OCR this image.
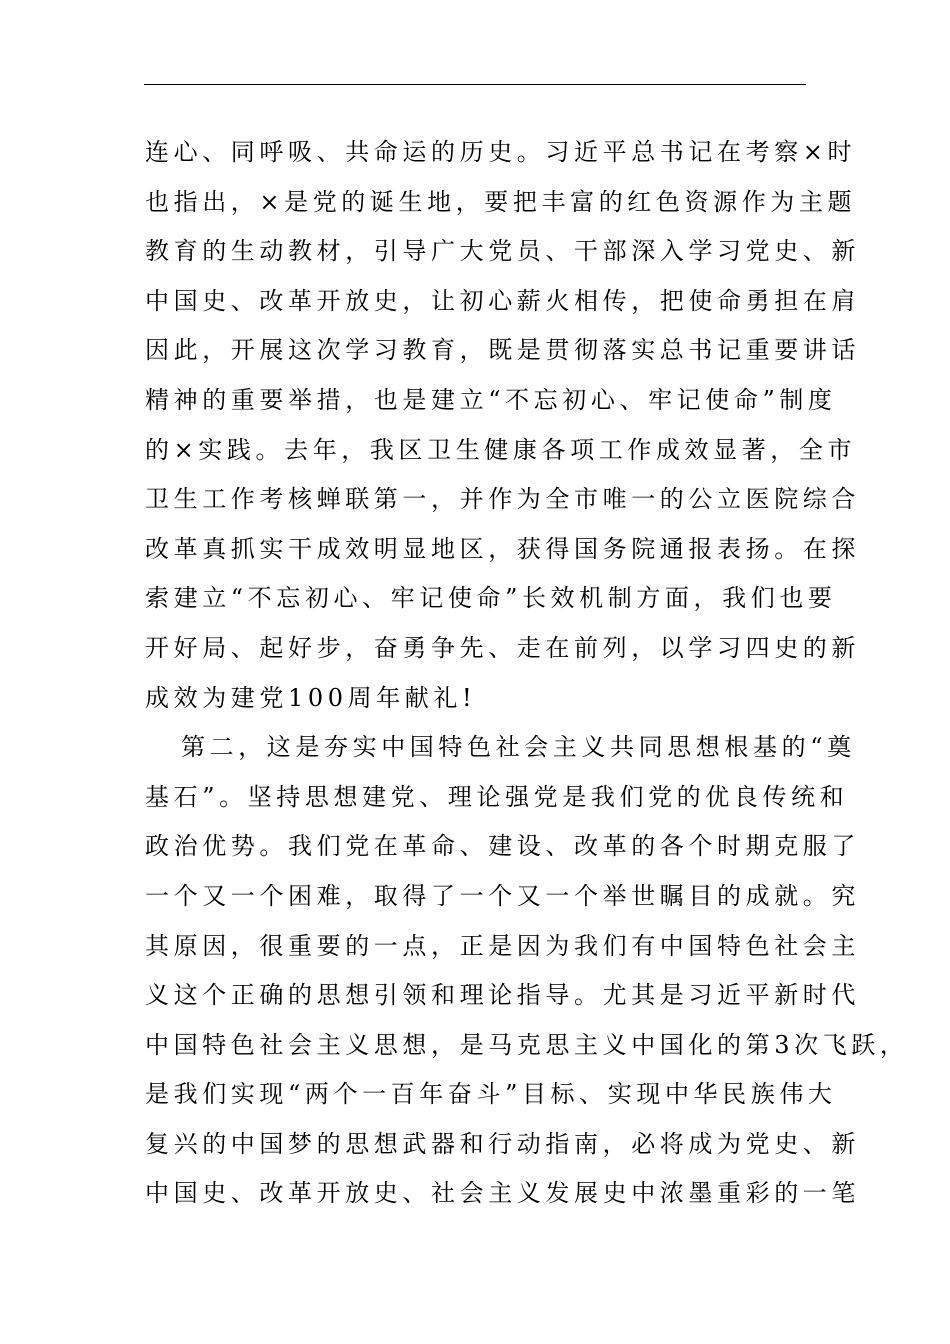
连心、同呼吸、共命运的历史。习近平总书记在考察×时
也指出，×是党的诞生地，要把丰富的红色资源作为主题
教育的生动教材，引导广大党员、干部深入学习党史、新
中国史、改革开放史，让初心薪火相传，把使命勇担在肩
因此，开展这次学习教育，既是贯彻落实总书记重要讲话
精神的重要举措，也是建立“不忘初心、牢记使命”制度
的×实践。去年，我区卫生健康各项工作成效显著，全市
卫生工作考核蝉联第一，并作为全市唯一的公立医院综合
改革真抓实干成效明显地区，获得国务院通报表扬。在探
索建立“不忘初心、牢记使命”长效机制方面，我们也要
开好局、起好步，奋勇争先、走在前列，以学习四史的新
成效为建党100周年献礼!
第二，这是夯实中国特色社会主义共同思想根基的“奠
基石”。坚持思想建党、理论强党是我们党的优良传统和
政治优势。我们党在革命、建设、改革的各个时期克服了
一个又一个困难，取得了一个又一个举世瞩目的成就。究
其原因，很重要的一点，正是因为我们有中国特色社会主
义这个正确的思想引领和理论指导。尤其是习近平新时代
中国特色社会主义思想，是马克思主义中国化的第3次飞跃，
是我们实现“两个一百年奋斗”目标、实现中华民族伟大
复兴的中国梦的思想武器和行动指南，必将成为党史、新
中国史、改革开放史、社会主义发展史中浓墨重彩的一笔
